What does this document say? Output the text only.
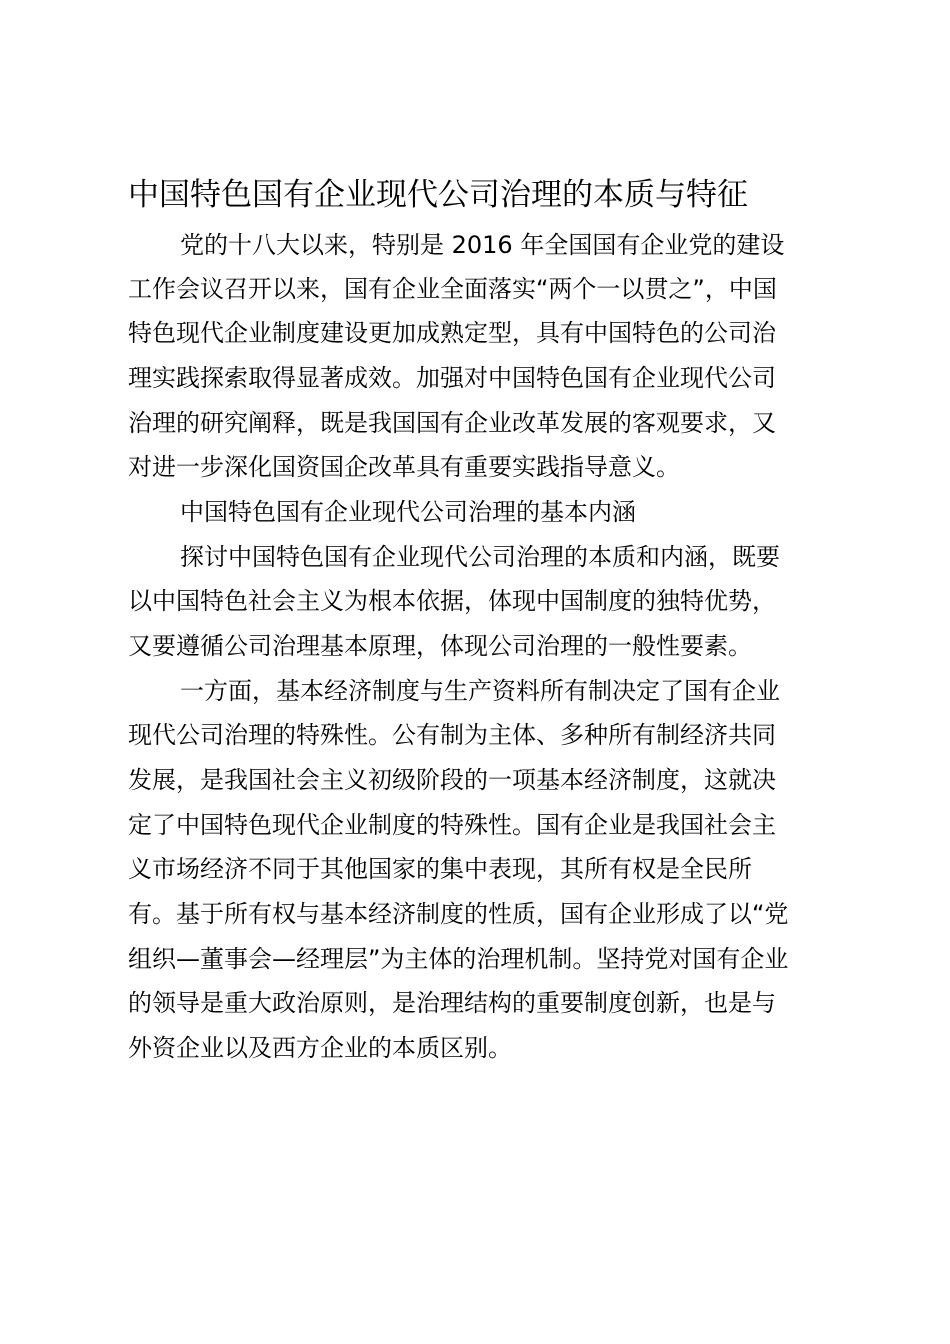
中国特色国有企业现代公司治理的本质与特征
党的十八大以来，特别是 2016 年全国国有企业党的建设
工作会议召开以来，国有企业全面落实“两个一以贯之”，中国
特色现代企业制度建设更加成熟定型，具有中国特色的公司治
理实践探索取得显著成效。加强对中国特色国有企业现代公司
治理的研究阐释，既是我国国有企业改革发展的客观要求，又
对进一步深化国资国企改革具有重要实践指导意义。
中国特色国有企业现代公司治理的基本内涵
探讨中国特色国有企业现代公司治理的本质和内涵，既要
以中国特色社会主义为根本依据，体现中国制度的独特优势，
又要遵循公司治理基本原理，体现公司治理的一般性要素。
一方面，基本经济制度与生产资料所有制决定了国有企业
现代公司治理的特殊性。公有制为主体、多种所有制经济共同
发展，是我国社会主义初级阶段的一项基本经济制度，这就决
定了中国特色现代企业制度的特殊性。国有企业是我国社会主
义市场经济不同于其他国家的集中表现，其所有权是全民所
有。基于所有权与基本经济制度的性质，国有企业形成了以“党
组织—董事会—经理层”为主体的治理机制。坚持党对国有企业
的领导是重大政治原则，是治理结构的重要制度创新，也是与
外资企业以及西方企业的本质区别。
